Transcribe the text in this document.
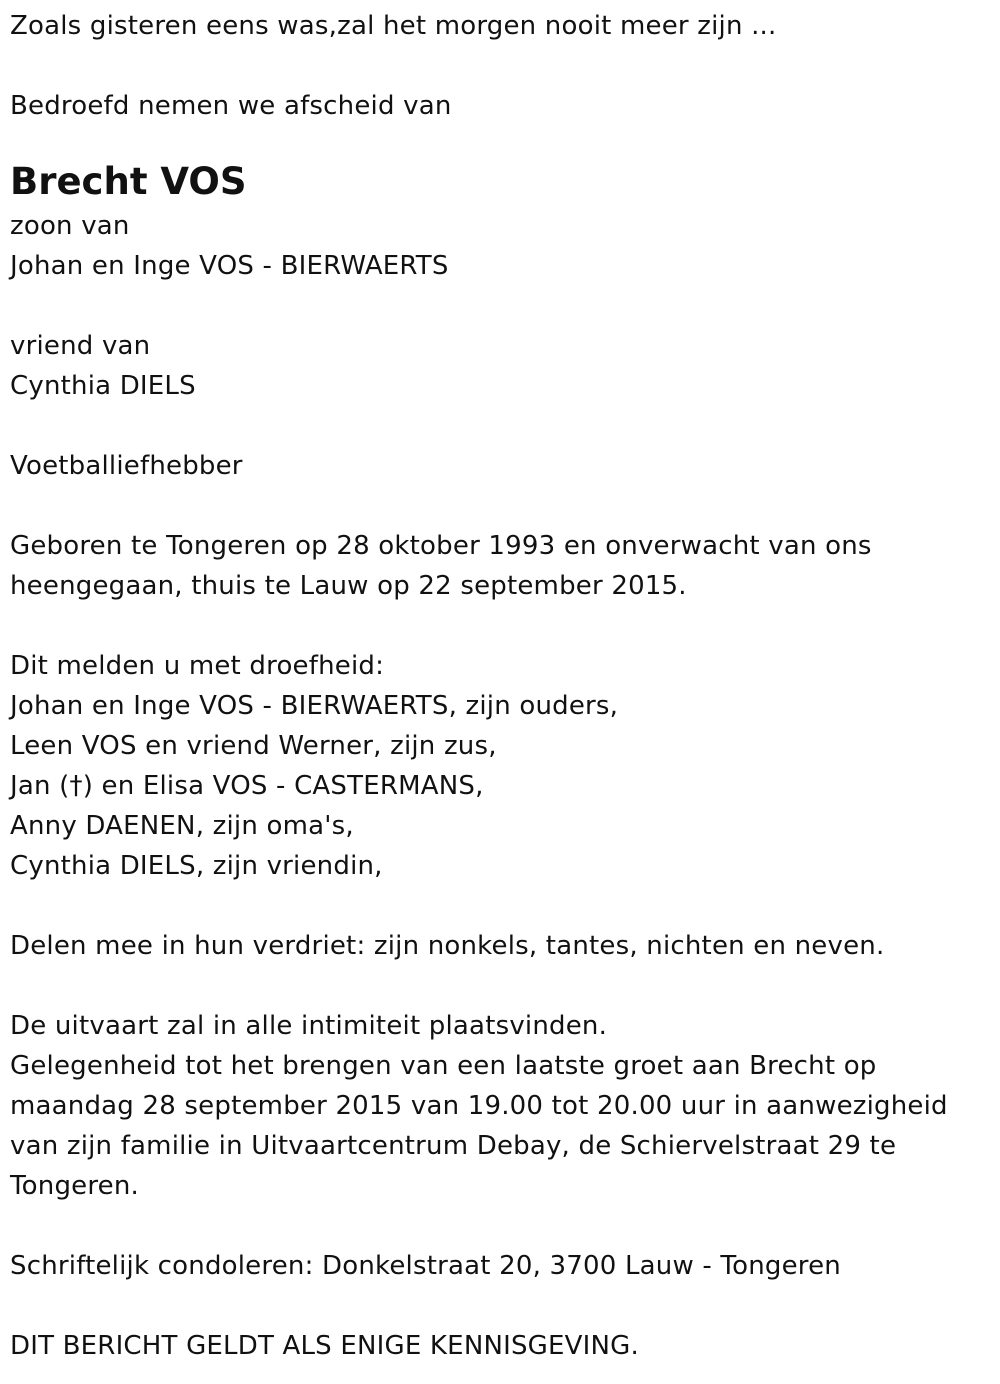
Zoals gisteren eens was,zal het morgen nooit meer zijn ...
Bedroefd nemen we afscheid van
Brecht VOS
zoon van
Johan en Inge VOS - BIERWAERTS
vriend van
Cynthia DIELS
Voetballiefhebber
Geboren te Tongeren op 28 oktober 1993 en onverwacht van ons
heengegaan, thuis te Lauw op 22 september 2015.
Dit melden u met droefheid:
Johan en Inge VOS - BIERWAERTS, zijn ouders,
Leen VOS en vriend Werner, zijn zus,
Jan (†) en Elisa VOS - CASTERMANS,
Anny DAENEN, zijn oma's,
Cynthia DIELS, zijn vriendin,
Delen mee in hun verdriet: zijn nonkels, tantes, nichten en neven.
De uitvaart zal in alle intimiteit plaatsvinden.
Gelegenheid tot het brengen van een laatste groet aan Brecht op
maandag 28 september 2015 van 19.00 tot 20.00 uur in aanwezigheid
van zijn familie in Uitvaartcentrum Debay, de Schiervelstraat 29 te
Tongeren.
Schriftelijk condoleren: Donkelstraat 20, 3700 Lauw - Tongeren
DIT BERICHT GELDT ALS ENIGE KENNISGEVING.
